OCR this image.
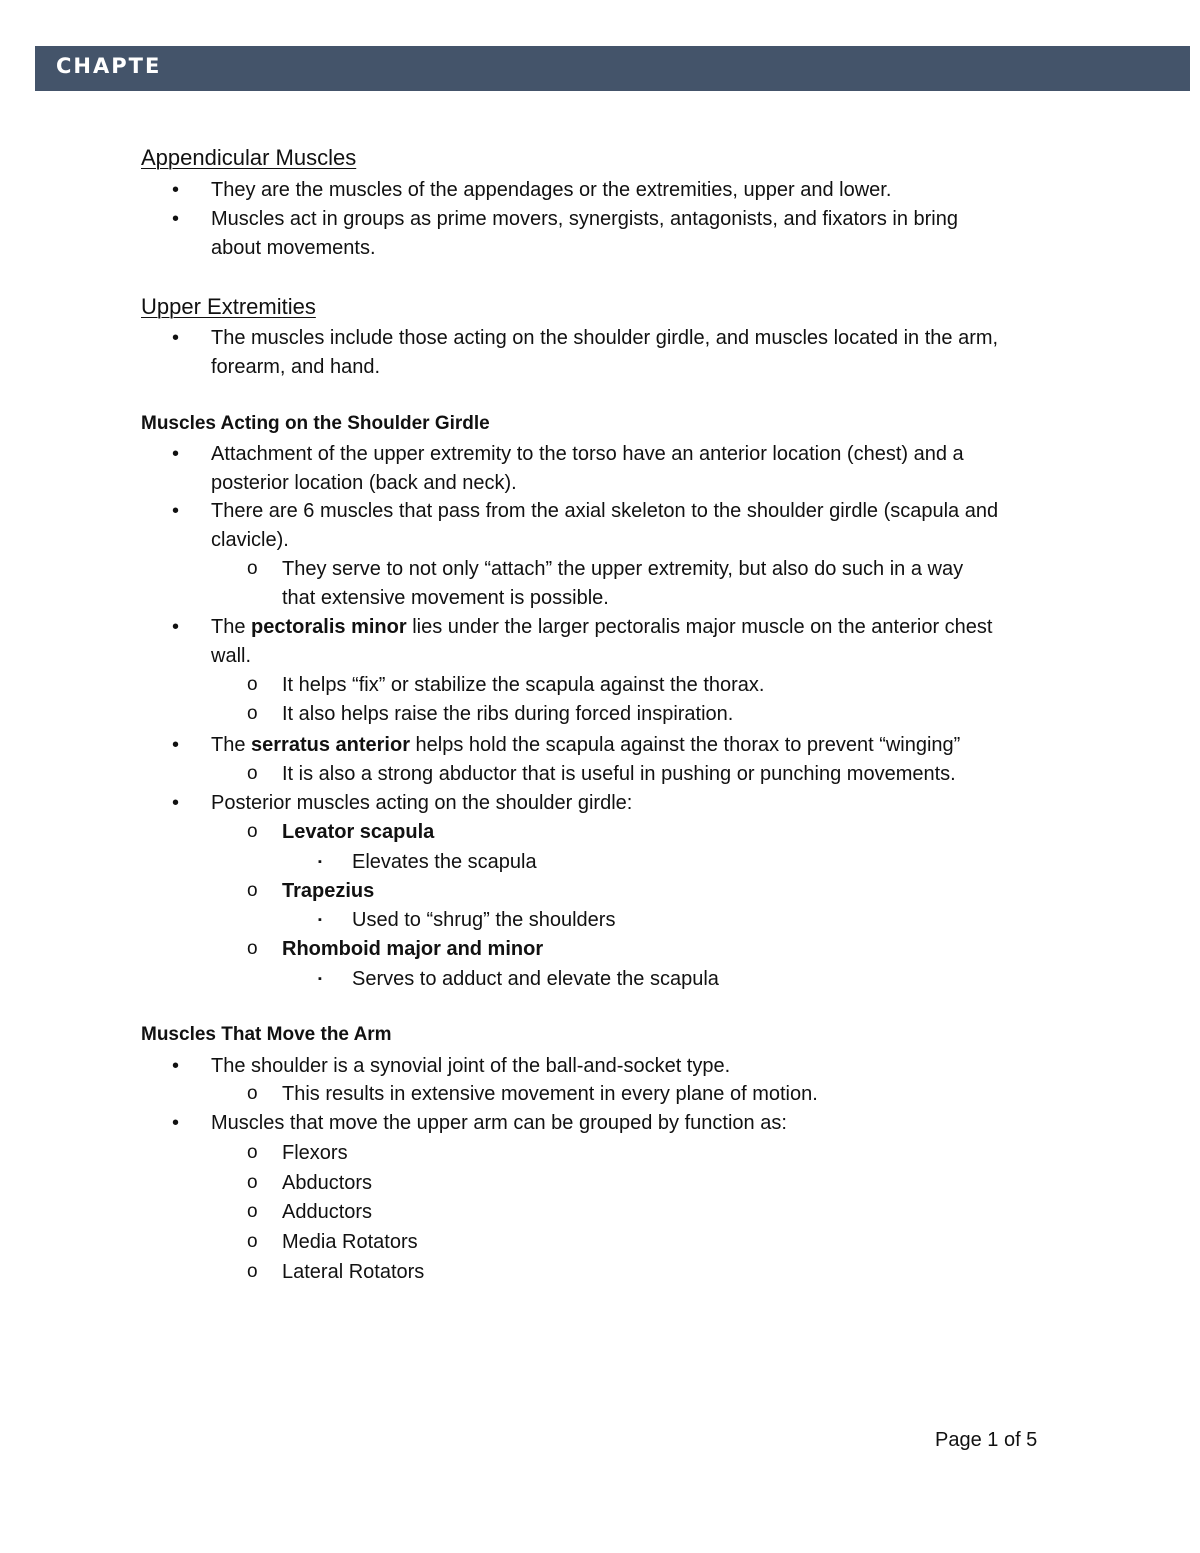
CHAPTE
Appendicular Muscles
• They are the muscles of the appendages or the extremities, upper and lower.
• Muscles act in groups as prime movers, synergists, antagonists, and fixators in bring
about movements.
Upper Extremities
• The muscles include those acting on the shoulder girdle, and muscles located in the arm,
forearm, and hand.
Muscles Acting on the Shoulder Girdle
• Attachment of the upper extremity to the torso have an anterior location (chest) and a
posterior location (back and neck).
• There are 6 muscles that pass from the axial skeleton to the shoulder girdle (scapula and
clavicle).
o They serve to not only “attach” the upper extremity, but also do such in a way
that extensive movement is possible.
• The pectoralis minor lies under the larger pectoralis major muscle on the anterior chest
wall.
o It helps “fix” or stabilize the scapula against the thorax.
o It also helps raise the ribs during forced inspiration.
• The serratus anterior helps hold the scapula against the thorax to prevent “winging”
o It is also a strong abductor that is useful in pushing or punching movements.
• Posterior muscles acting on the shoulder girdle:
o Levator scapula
▪ Elevates the scapula
o Trapezius
▪ Used to “shrug” the shoulders
o Rhomboid major and minor
▪ Serves to adduct and elevate the scapula
Muscles That Move the Arm
• The shoulder is a synovial joint of the ball-and-socket type.
o This results in extensive movement in every plane of motion.
• Muscles that move the upper arm can be grouped by function as:
o Flexors
o Abductors
o Adductors
o Media Rotators
o Lateral Rotators
Page 1 of 5
